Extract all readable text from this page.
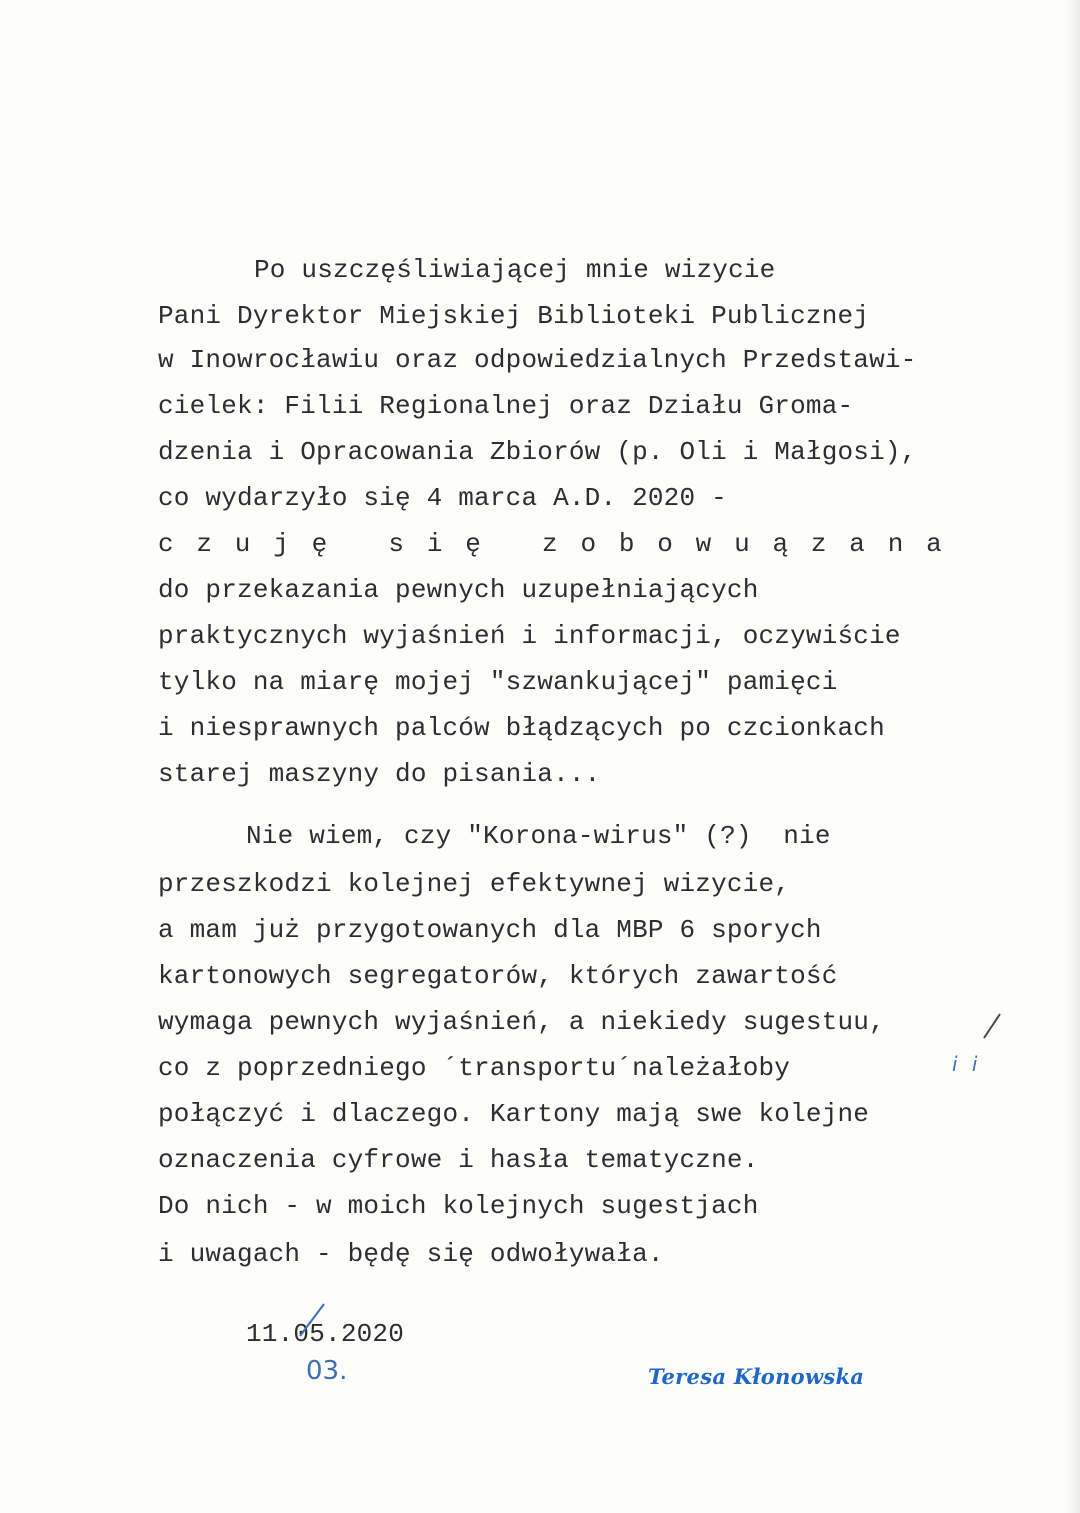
Po uszczęśliwiającej mnie wizycie
Pani Dyrektor Miejskiej Biblioteki Publicznej
w Inowrocławiu oraz odpowiedzialnych Przedstawi-
cielek: Filii Regionalnej oraz Działu Groma-
dzenia i Opracowania Zbiorów (p. Oli i Małgosi),
co wydarzyło się 4 marca A.D. 2020 -
c z u j ę   s i ę   z o b o w u ą z a n a
do przekazania pewnych uzupełniających
praktycznych wyjaśnień i informacji, oczywiście
tylko na miarę mojej "szwankującej" pamięci
i niesprawnych palców błądzących po czcionkach
starej maszyny do pisania...
Nie wiem, czy "Korona-wirus" (?)  nie
przeszkodzi kolejnej efektywnej wizycie,
a mam już przygotowanych dla MBP 6 sporych
kartonowych segregatorów, których zawartość
wymaga pewnych wyjaśnień, a niekiedy sugestuu,
co z poprzedniego ´transportu´należałoby
połączyć i dlaczego. Kartony mają swe kolejne
oznaczenia cyfrowe i hasła tematyczne.
Do nich - w moich kolejnych sugestjach
i uwagach - będę się odwoływała.
i i
11.05.2020
03.	Teresa Kłonowska
